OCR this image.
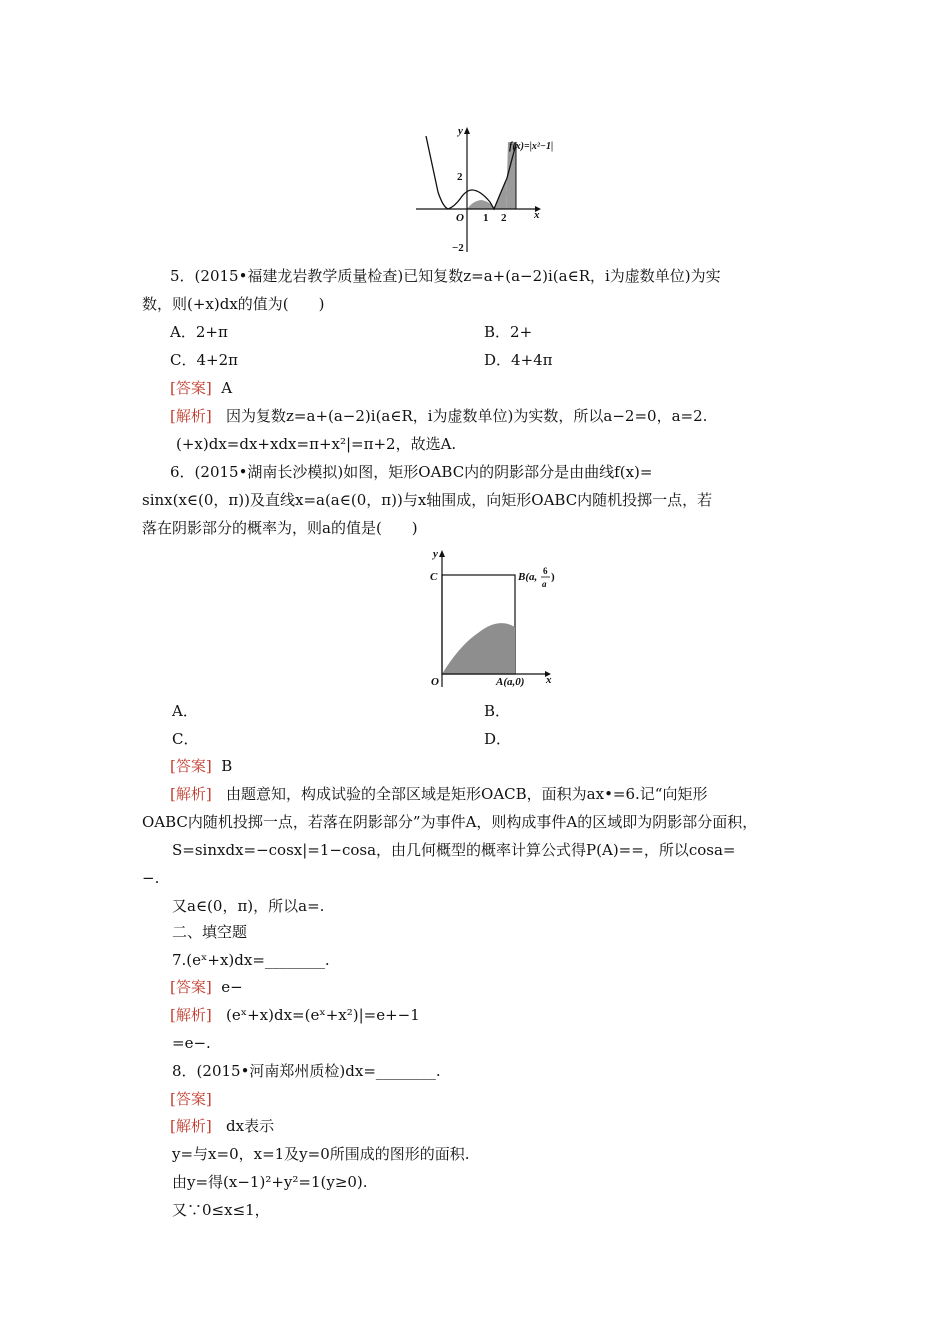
y
x
O
2
−2
1 2
f(x)=|x²−1|
5．(2015•福建龙岩教学质量检查)已知复数z=a+(a−2)i(a∈R，i为虚数单位)为实
数，则(+x)dx的值为(　　)
A．2+π	B．2+
C．4+2π	D．4+4π
[答案] A
[解析] 因为复数z=a+(a−2)i(a∈R，i为虚数单位)为实数，所以a−2=0，a=2.
(+x)dx=dx+xdx=π+x²|=π+2，故选A.
6．(2015•湖南长沙模拟)如图，矩形OABC内的阴影部分是由曲线f(x)=
sinx(x∈(0，π))及直线x=a(a∈(0，π))与x轴围成，向矩形OABC内随机投掷一点，若
落在阴影部分的概率为，则a的值是(　　)
y
x
O
C	B(a, 6
a
)
A(a,0)
A．	B．
C．	D．
[答案] B
[解析] 由题意知，构成试验的全部区域是矩形OACB，面积为ax•=6.记“向矩形
OABC内随机投掷一点，若落在阴影部分”为事件A，则构成事件A的区域即为阴影部分面积，
S=sinxdx=−cosx|=1−cosa，由几何概型的概率计算公式得P(A)==，所以cosa=
−.
又a∈(0，π)，所以a=.
二、填空题
7.(eˣ+x)dx=________.
[答案] e−
[解析] (eˣ+x)dx=(eˣ+x²)|=e+−1
=e−.
8．(2015•河南郑州质检)dx=________.
[答案]
[解析] dx表示
y=与x=0，x=1及y=0所围成的图形的面积.
由y=得(x−1)²+y²=1(y≥0).
又∵0≤x≤1，
